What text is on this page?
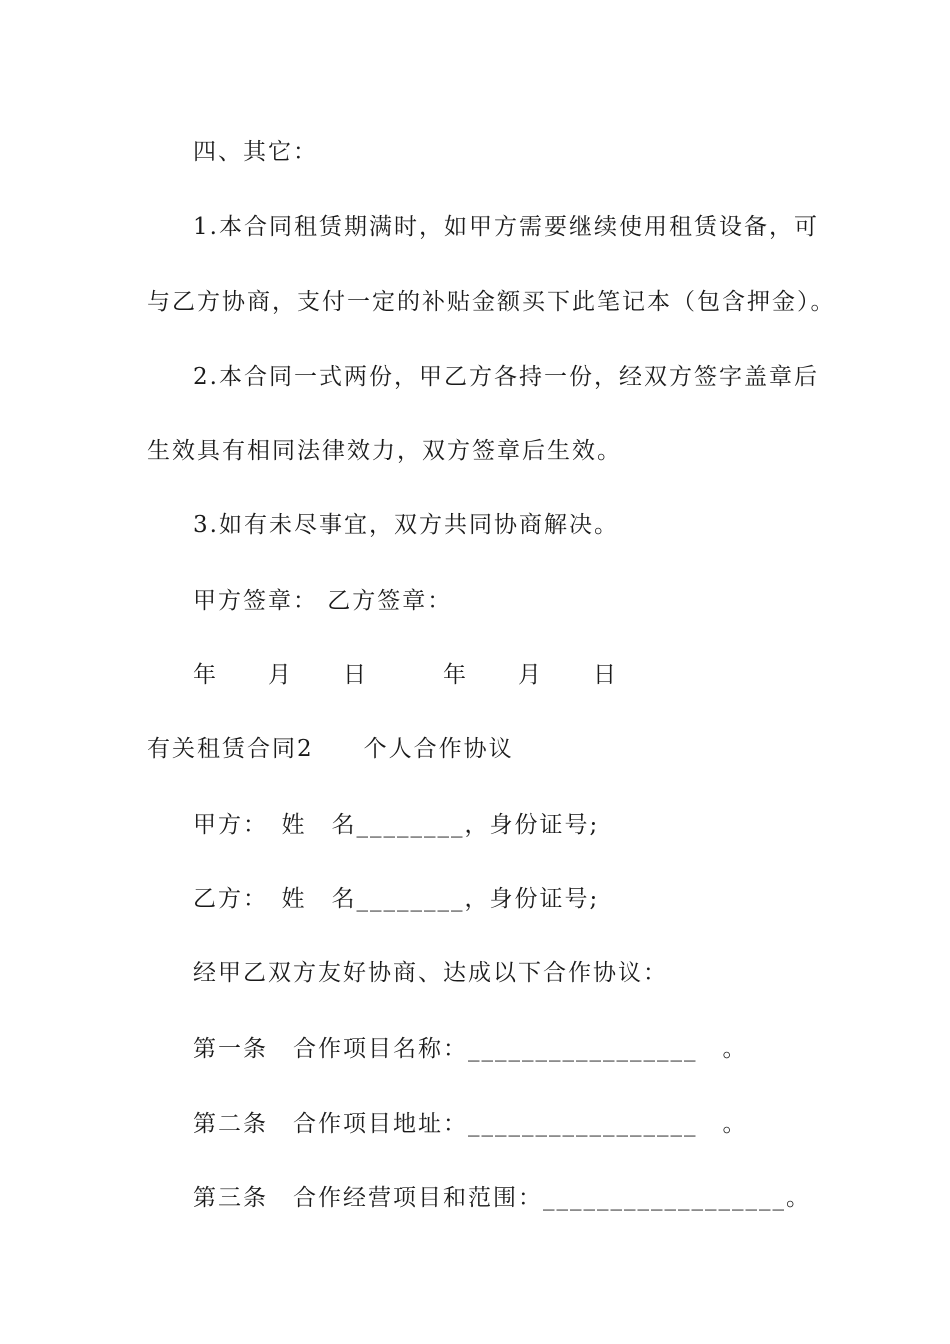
四、其它：
1.本合同租赁期满时，如甲方需要继续使用租赁设备，可
与乙方协商，支付一定的补贴金额买下此笔记本（包含押金）。
2.本合同一式两份，甲乙方各持一份，经双方签字盖章后
生效具有相同法律效力，双方签章后生效。
3.如有未尽事宜，双方共同协商解决。
甲方签章： 乙方签章：
年　　月　　日　　　年　　月　　日
有关租赁合同2　　个人合作协议
甲方：　姓　名________，身份证号;
乙方：　姓　名________，身份证号;
经甲乙双方友好协商、达成以下合作协议：
第一条　合作项目名称：_________________　。
第二条　合作项目地址：_________________　。
第三条　合作经营项目和范围：__________________。
